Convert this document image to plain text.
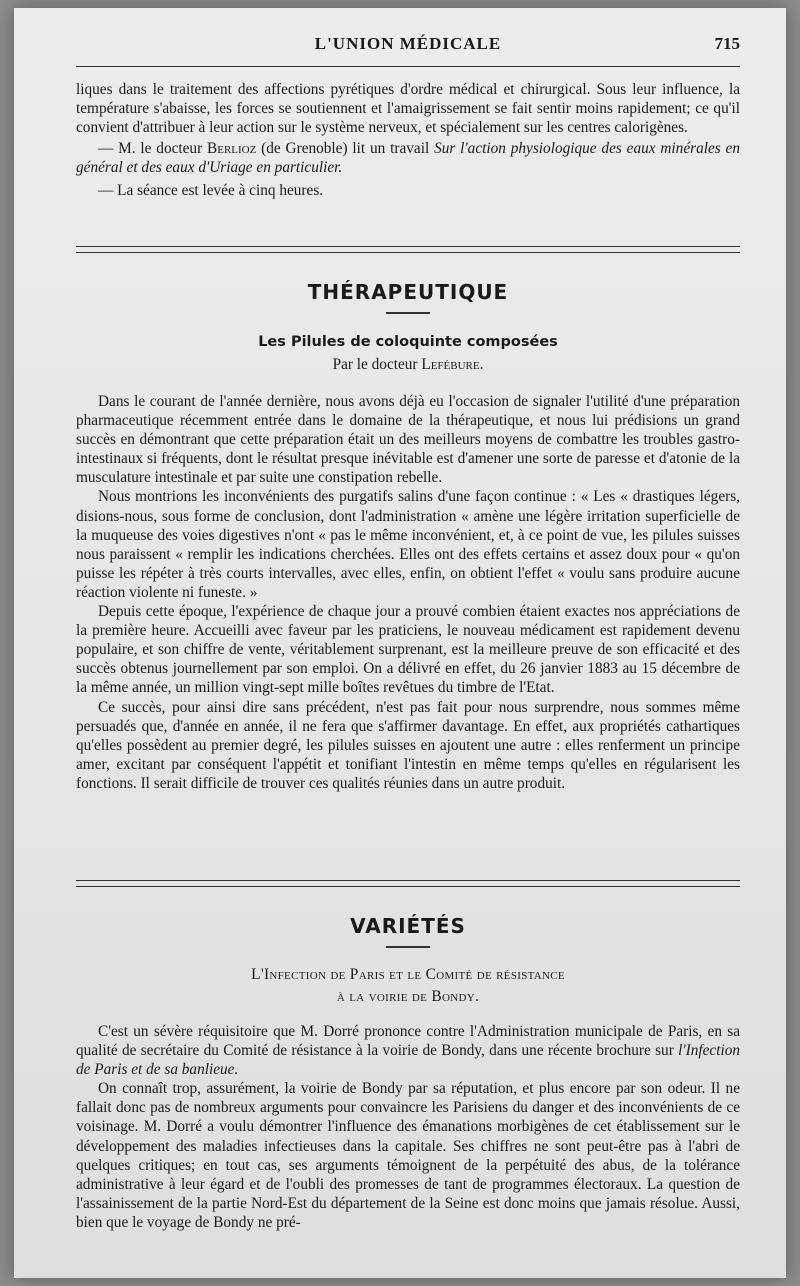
L'UNION MÉDICALE	715

liques dans le traitement des affections pyrétiques d'ordre médical et chirurgical. Sous leur influence, la température s'abaisse, les forces se soutiennent et l'amaigrissement se fait sentir moins rapidement; ce qu'il convient d'attribuer à leur action sur le système nerveux, et spécialement sur les centres calorigènes.

— M. le docteur Berlioz (de Grenoble) lit un travail Sur l'action physiologique des eaux minérales en général et des eaux d'Uriage en particulier.

— La séance est levée à cinq heures.

THÉRAPEUTIQUE
Les Pilules de coloquinte composées
Par le docteur Lefébure.

Dans le courant de l'année dernière, nous avons déjà eu l'occasion de signaler l'utilité d'une préparation pharmaceutique récemment entrée dans le domaine de la thérapeutique, et nous lui prédisions un grand succès en démontrant que cette préparation était un des meilleurs moyens de combattre les troubles gastro-intestinaux si fréquents, dont le résultat presque inévitable est d'amener une sorte de paresse et d'atonie de la musculature intestinale et par suite une constipation rebelle.

Nous montrions les inconvénients des purgatifs salins d'une façon continue : « Les « drastiques légers, disions-nous, sous forme de conclusion, dont l'administration « amène une légère irritation superficielle de la muqueuse des voies digestives n'ont « pas le même inconvénient, et, à ce point de vue, les pilules suisses nous paraissent « remplir les indications cherchées. Elles ont des effets certains et assez doux pour « qu'on puisse les répéter à très courts intervalles, avec elles, enfin, on obtient l'effet « voulu sans produire aucune réaction violente ni funeste. »

Depuis cette époque, l'expérience de chaque jour a prouvé combien étaient exactes nos appréciations de la première heure. Accueilli avec faveur par les praticiens, le nouveau médicament est rapidement devenu populaire, et son chiffre de vente, véritablement surprenant, est la meilleure preuve de son efficacité et des succès obtenus journellement par son emploi. On a délivré en effet, du 26 janvier 1883 au 15 décembre de la même année, un million vingt-sept mille boîtes revêtues du timbre de l'Etat.

Ce succès, pour ainsi dire sans précédent, n'est pas fait pour nous surprendre, nous sommes même persuadés que, d'année en année, il ne fera que s'affirmer davantage. En effet, aux propriétés cathartiques qu'elles possèdent au premier degré, les pilules suisses en ajoutent une autre : elles renferment un principe amer, excitant par conséquent l'appétit et tonifiant l'intestin en même temps qu'elles en régularisent les fonctions. Il serait difficile de trouver ces qualités réunies dans un autre produit.

VARIÉTÉS
L'Infection de Paris et le Comité de résistance
à la voirie de Bondy.

C'est un sévère réquisitoire que M. Dorré prononce contre l'Administration municipale de Paris, en sa qualité de secrétaire du Comité de résistance à la voirie de Bondy, dans une récente brochure sur l'Infection de Paris et de sa banlieue.

On connaît trop, assurément, la voirie de Bondy par sa réputation, et plus encore par son odeur. Il ne fallait donc pas de nombreux arguments pour convaincre les Parisiens du danger et des inconvénients de ce voisinage. M. Dorré a voulu démontrer l'influence des émanations morbigènes de cet établissement sur le développement des maladies infectieuses dans la capitale. Ses chiffres ne sont peut-être pas à l'abri de quelques critiques; en tout cas, ses arguments témoignent de la perpétuité des abus, de la tolérance administrative à leur égard et de l'oubli des promesses de tant de programmes électoraux. La question de l'assainissement de la partie Nord-Est du département de la Seine est donc moins que jamais résolue. Aussi, bien que le voyage de Bondy ne pré-
